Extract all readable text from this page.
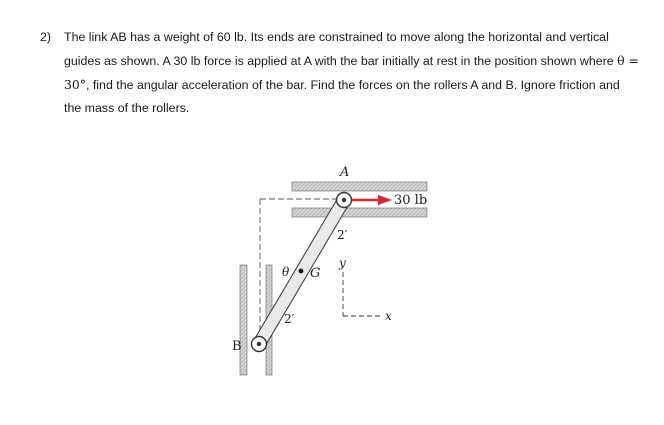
2) The link AB has a weight of 60 lb. Its ends are constrained to move along the horizontal and vertical guides as shown. A 30 lb force is applied at A with the bar initially at rest in the position shown where θ = 30°, find the angular acceleration of the bar. Find the forces on the rollers A and B. Ignore friction and the mass of the rollers.
A
B
G
θ
2′
2′
30 lb
y
x
